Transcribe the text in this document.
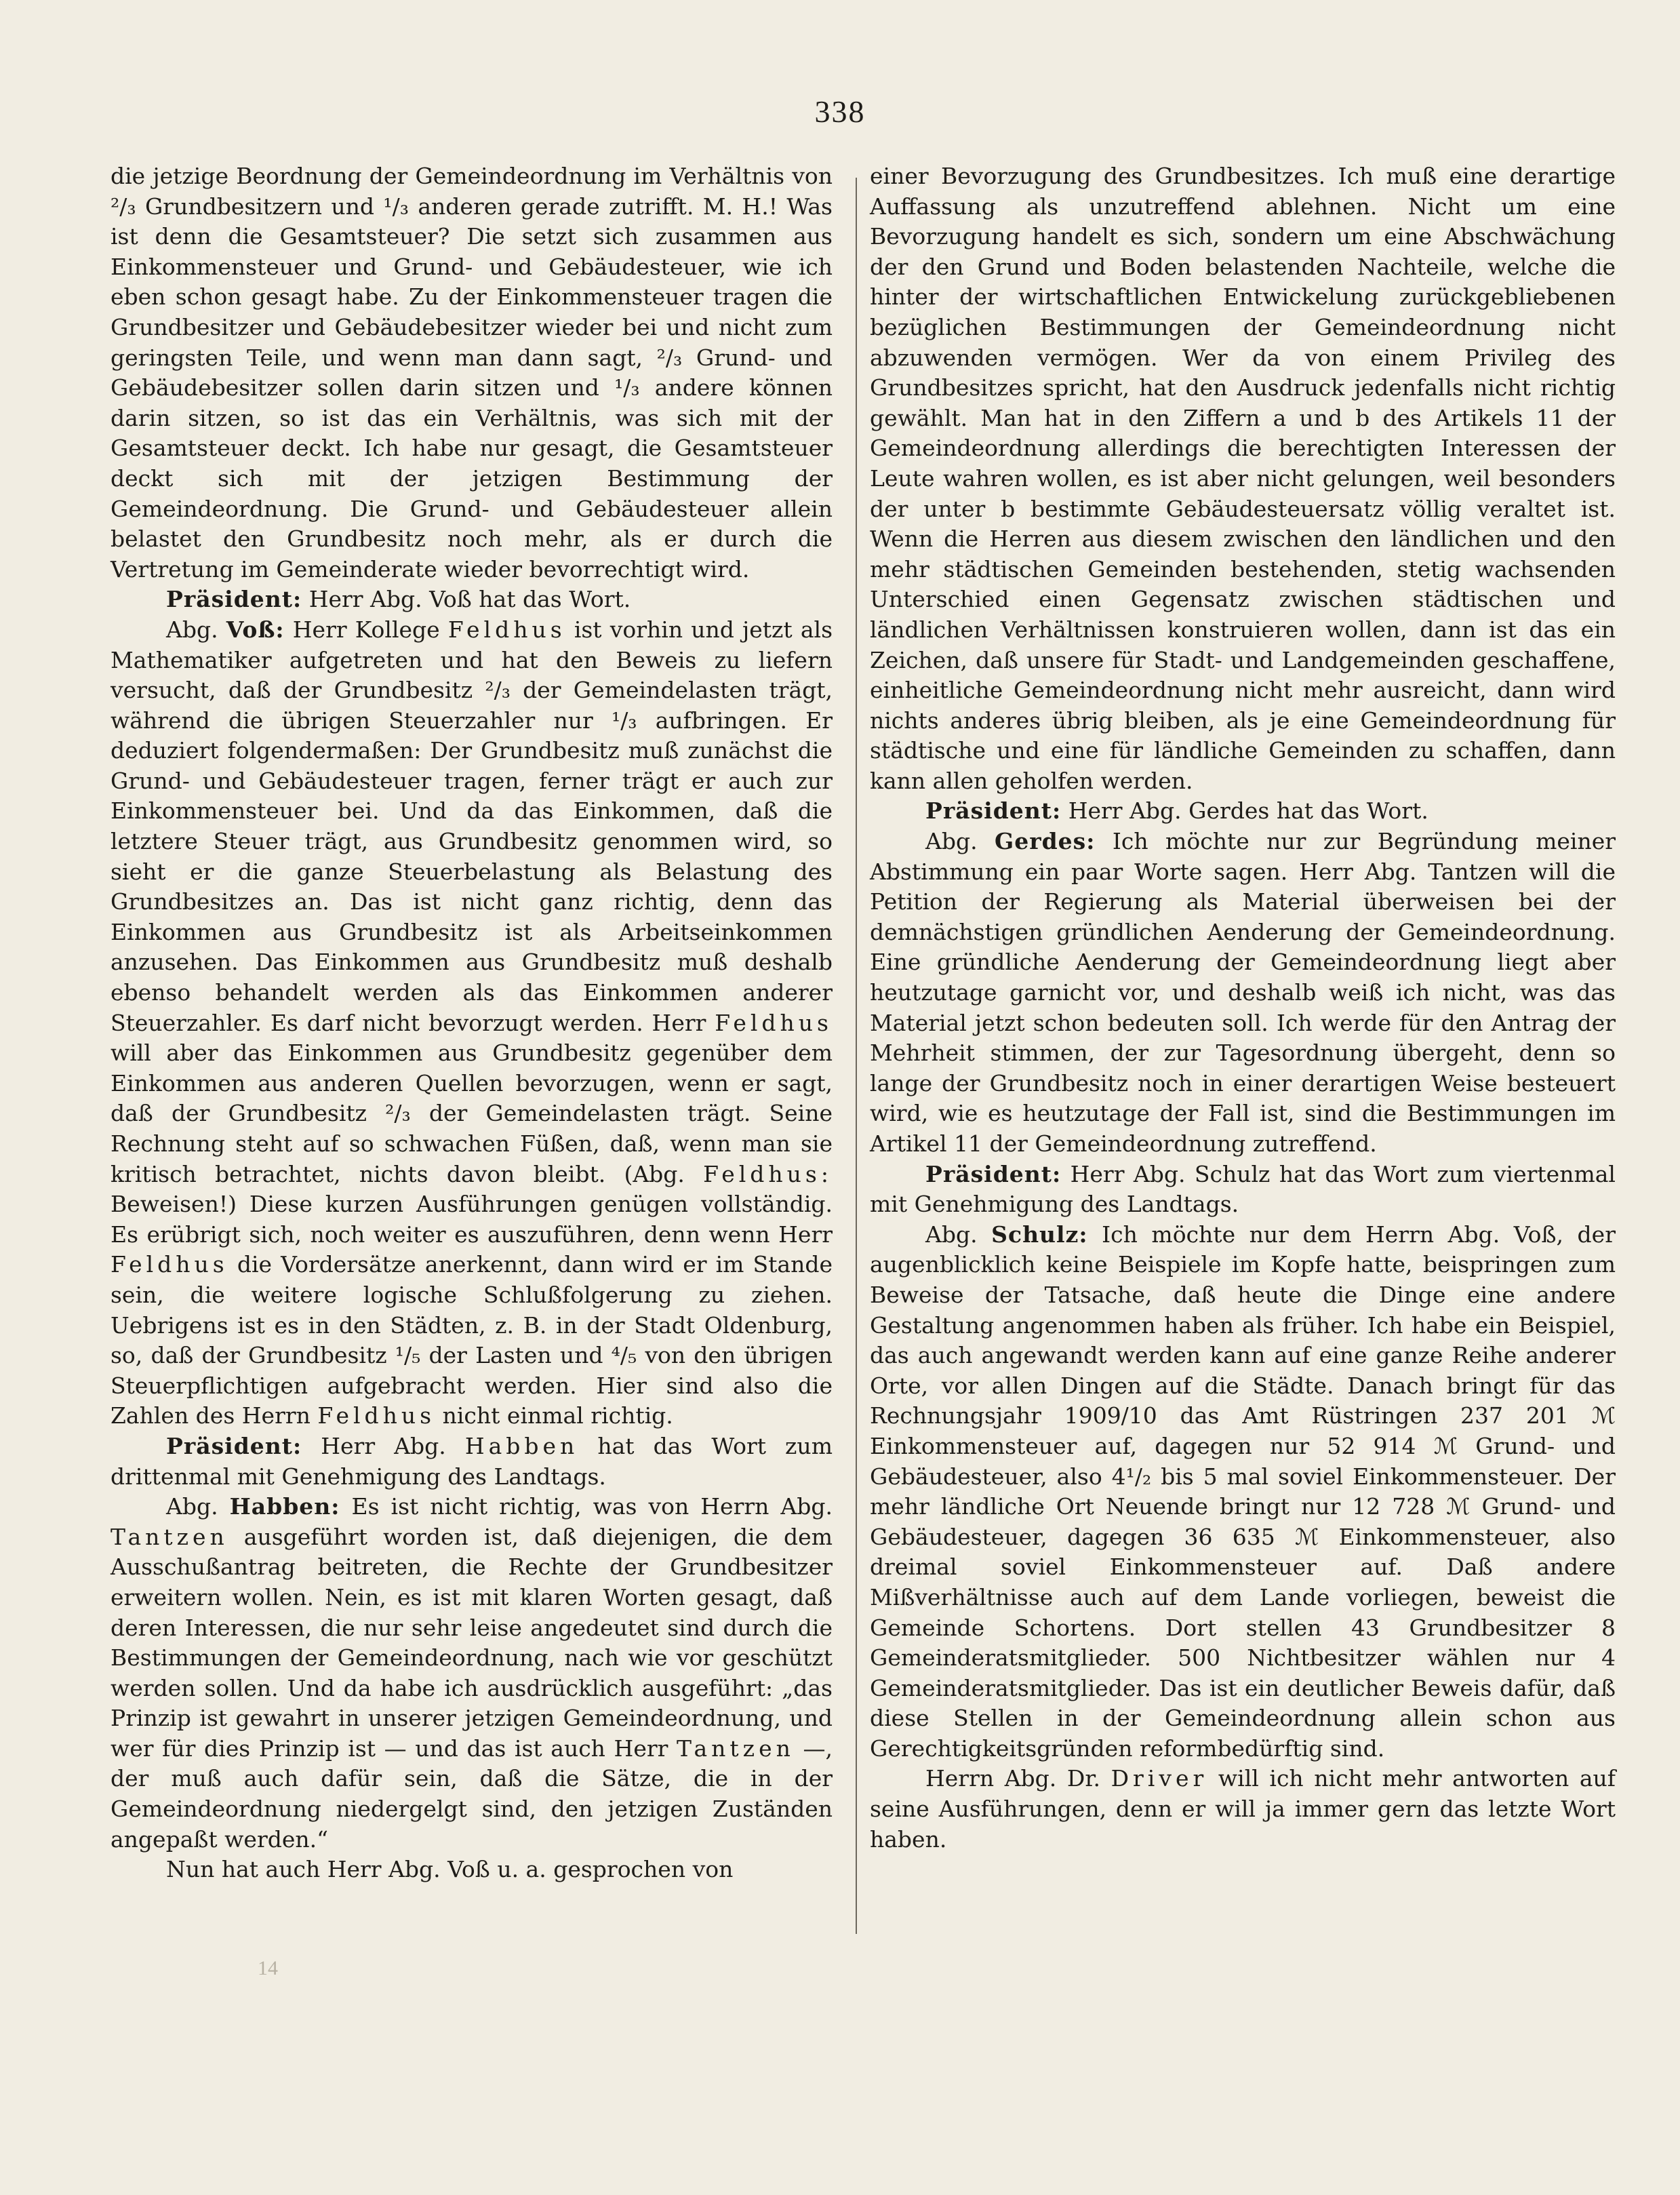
338

die jetzige Beordnung der Gemeindeordnung im Verhältnis von ²/₃ Grundbesitzern und ¹/₃ anderen gerade zutrifft. M. H.! Was ist denn die Gesamtsteuer? Die setzt sich zusammen aus Einkommensteuer und Grund- und Gebäudesteuer, wie ich eben schon gesagt habe. Zu der Einkommensteuer tragen die Grundbesitzer und Gebäudebesitzer wieder bei und nicht zum geringsten Teile, und wenn man dann sagt, ²/₃ Grund- und Gebäudebesitzer sollen darin sitzen und ¹/₃ andere können darin sitzen, so ist das ein Verhältnis, was sich mit der Gesamtsteuer deckt. Ich habe nur gesagt, die Gesamtsteuer deckt sich mit der jetzigen Bestimmung der Gemeindeordnung. Die Grund- und Gebäudesteuer allein belastet den Grundbesitz noch mehr, als er durch die Vertretung im Gemeinderate wieder bevorrechtigt wird.

Präsident: Herr Abg. Voß hat das Wort.

Abg. Voß: Herr Kollege Feldhus ist vorhin und jetzt als Mathematiker aufgetreten und hat den Beweis zu liefern versucht, daß der Grundbesitz ²/₃ der Gemeindelasten trägt, während die übrigen Steuerzahler nur ¹/₃ aufbringen. Er deduziert folgendermaßen: Der Grundbesitz muß zunächst die Grund- und Gebäudesteuer tragen, ferner trägt er auch zur Einkommensteuer bei. Und da das Einkommen, daß die letztere Steuer trägt, aus Grundbesitz genommen wird, so sieht er die ganze Steuerbelastung als Belastung des Grundbesitzes an. Das ist nicht ganz richtig, denn das Einkommen aus Grundbesitz ist als Arbeitseinkommen anzusehen. Das Einkommen aus Grundbesitz muß deshalb ebenso behandelt werden als das Einkommen anderer Steuerzahler. Es darf nicht bevorzugt werden. Herr Feldhus will aber das Einkommen aus Grundbesitz gegenüber dem Einkommen aus anderen Quellen bevorzugen, wenn er sagt, daß der Grundbesitz ²/₃ der Gemeindelasten trägt. Seine Rechnung steht auf so schwachen Füßen, daß, wenn man sie kritisch betrachtet, nichts davon bleibt. (Abg. Feldhus: Beweisen!) Diese kurzen Ausführungen genügen vollständig. Es erübrigt sich, noch weiter es auszuführen, denn wenn Herr Feldhus die Vordersätze anerkennt, dann wird er im Stande sein, die weitere logische Schlußfolgerung zu ziehen. Uebrigens ist es in den Städten, z. B. in der Stadt Oldenburg, so, daß der Grundbesitz ¹/₅ der Lasten und ⁴/₅ von den übrigen Steuerpflichtigen aufgebracht werden. Hier sind also die Zahlen des Herrn Feldhus nicht einmal richtig.

Präsident: Herr Abg. Habben hat das Wort zum drittenmal mit Genehmigung des Landtags.

Abg. Habben: Es ist nicht richtig, was von Herrn Abg. Tantzen ausgeführt worden ist, daß diejenigen, die dem Ausschußantrag beitreten, die Rechte der Grundbesitzer erweitern wollen. Nein, es ist mit klaren Worten gesagt, daß deren Interessen, die nur sehr leise angedeutet sind durch die Bestimmungen der Gemeindeordnung, nach wie vor geschützt werden sollen. Und da habe ich ausdrücklich ausgeführt: „das Prinzip ist gewahrt in unserer jetzigen Gemeindeordnung, und wer für dies Prinzip ist — und das ist auch Herr Tantzen —, der muß auch dafür sein, daß die Sätze, die in der Gemeindeordnung niedergelgt sind, den jetzigen Zuständen angepaßt werden.“

Nun hat auch Herr Abg. Voß u. a. gesprochen von

einer Bevorzugung des Grundbesitzes. Ich muß eine derartige Auffassung als unzutreffend ablehnen. Nicht um eine Bevorzugung handelt es sich, sondern um eine Abschwächung der den Grund und Boden belastenden Nachteile, welche die hinter der wirtschaftlichen Entwickelung zurückgebliebenen bezüglichen Bestimmungen der Gemeindeordnung nicht abzuwenden vermögen. Wer da von einem Privileg des Grundbesitzes spricht, hat den Ausdruck jedenfalls nicht richtig gewählt. Man hat in den Ziffern a und b des Artikels 11 der Gemeindeordnung allerdings die berechtigten Interessen der Leute wahren wollen, es ist aber nicht gelungen, weil besonders der unter b bestimmte Gebäudesteuersatz völlig veraltet ist. Wenn die Herren aus diesem zwischen den ländlichen und den mehr städtischen Gemeinden bestehenden, stetig wachsenden Unterschied einen Gegensatz zwischen städtischen und ländlichen Verhältnissen konstruieren wollen, dann ist das ein Zeichen, daß unsere für Stadt- und Landgemeinden geschaffene, einheitliche Gemeindeordnung nicht mehr ausreicht, dann wird nichts anderes übrig bleiben, als je eine Gemeindeordnung für städtische und eine für ländliche Gemeinden zu schaffen, dann kann allen geholfen werden.

Präsident: Herr Abg. Gerdes hat das Wort.

Abg. Gerdes: Ich möchte nur zur Begründung meiner Abstimmung ein paar Worte sagen. Herr Abg. Tantzen will die Petition der Regierung als Material überweisen bei der demnächstigen gründlichen Aenderung der Gemeindeordnung. Eine gründliche Aenderung der Gemeindeordnung liegt aber heutzutage garnicht vor, und deshalb weiß ich nicht, was das Material jetzt schon bedeuten soll. Ich werde für den Antrag der Mehrheit stimmen, der zur Tagesordnung übergeht, denn so lange der Grundbesitz noch in einer derartigen Weise besteuert wird, wie es heutzutage der Fall ist, sind die Bestimmungen im Artikel 11 der Gemeindeordnung zutreffend.

Präsident: Herr Abg. Schulz hat das Wort zum viertenmal mit Genehmigung des Landtags.

Abg. Schulz: Ich möchte nur dem Herrn Abg. Voß, der augenblicklich keine Beispiele im Kopfe hatte, beispringen zum Beweise der Tatsache, daß heute die Dinge eine andere Gestaltung angenommen haben als früher. Ich habe ein Beispiel, das auch angewandt werden kann auf eine ganze Reihe anderer Orte, vor allen Dingen auf die Städte. Danach bringt für das Rechnungsjahr 1909/10 das Amt Rüstringen 237 201 ℳ Einkommensteuer auf, dagegen nur 52 914 ℳ Grund- und Gebäudesteuer, also 4¹/₂ bis 5 mal soviel Einkommensteuer. Der mehr ländliche Ort Neuende bringt nur 12 728 ℳ Grund- und Gebäudesteuer, dagegen 36 635 ℳ Einkommensteuer, also dreimal soviel Einkommensteuer auf. Daß andere Mißverhältnisse auch auf dem Lande vorliegen, beweist die Gemeinde Schortens. Dort stellen 43 Grundbesitzer 8 Gemeinderatsmitglieder. 500 Nichtbesitzer wählen nur 4 Gemeinderatsmitglieder. Das ist ein deutlicher Beweis dafür, daß diese Stellen in der Gemeindeordnung allein schon aus Gerechtigkeitsgründen reformbedürftig sind.

Herrn Abg. Dr. Driver will ich nicht mehr antworten auf seine Ausführungen, denn er will ja immer gern das letzte Wort haben.

14
